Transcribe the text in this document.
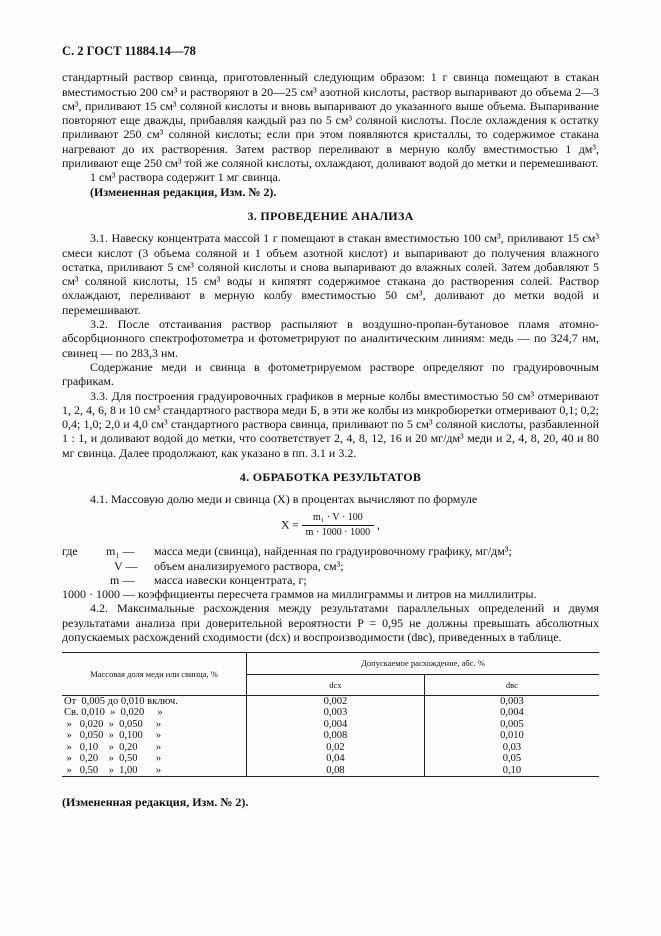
С. 2 ГОСТ 11884.14—78

стандартный раствор свинца, приготовленный следующим образом: 1 г свинца помещают в стакан вместимостью 200 см³ и растворяют в 20—25 см³ азотной кислоты, раствор выпаривают до объема 2—3 см³, приливают 15 см³ соляной кислоты и вновь выпаривают до указанного выше объема. Выпаривание повторяют еще дважды, прибавляя каждый раз по 5 см³ соляной кислоты. После охлаждения к остатку приливают 250 см³ соляной кислоты; если при этом появляются кристаллы, то содержимое стакана нагревают до их растворения. Затем раствор переливают в мерную колбу вместимостью 1 дм³, приливают еще 250 см³ той же соляной кислоты, охлаждают, доливают водой до метки и перемешивают.

1 см³ раствора содержит 1 мг свинца.

(Измененная редакция, Изм. № 2).

3. ПРОВЕДЕНИЕ АНАЛИЗА

3.1. Навеску концентрата массой 1 г помещают в стакан вместимостью 100 см³, приливают 15 см³ смеси кислот (3 объема соляной и 1 объем азотной кислот) и выпаривают до получения влажного остатка, приливают 5 см³ соляной кислоты и снова выпаривают до влажных солей. Затем добавляют 5 см³ соляной кислоты, 15 см³ воды и кипятят содержимое стакана до растворения солей. Раствор охлаждают, переливают в мерную колбу вместимостью 50 см³, доливают до метки водой и перемешивают.

3.2. После отстаивания раствор распыляют в воздушно-пропан-бутановое пламя атомно-абсорбционного спектрофотометра и фотометрируют по аналитическим линиям: медь — по 324,7 нм, свинец — по 283,3 нм.

Содержание меди и свинца в фотометрируемом растворе определяют по градуировочным графикам.

3.3. Для построения градуировочных графиков в мерные колбы вместимостью 50 см³ отмеривают 1, 2, 4, 6, 8 и 10 см³ стандартного раствора меди Б, в эти же колбы из микробюретки отмеривают 0,1; 0,2; 0,4; 1,0; 2,0 и 4,0 см³ стандартного раствора свинца, приливают по 5 см³ соляной кислоты, разбавленной 1 : 1, и доливают водой до метки, что соответствует 2, 4, 8, 12, 16 и 20 мг/дм³ меди и 2, 4, 8, 20, 40 и 80 мг свинца. Далее продолжают, как указано в пп. 3.1 и 3.2.

4. ОБРАБОТКА РЕЗУЛЬТАТОВ

4.1. Массовую долю меди и свинца (X) в процентах вычисляют по формуле

$X = \frac{\text{m₁ · V · 100}}{m \cdot 1000 \cdot 1000}$ ,
где	m₁ —	масса меди (свинца), найденная по градуировочному графику, мг/дм³;
V —	объем анализируемого раствора, см³;
m —	масса навески концентрата, г;
1000 · 1000 — коэффициенты пересчета граммов на миллиграммы и литров на миллилитры.

4.2. Максимальные расхождения между результатами параллельных определений и двумя результатами анализа при доверительной вероятности P = 0,95 не должны превышать абсолютных допускаемых расхождений сходимости (dсх) и воспроизводимости (dвс), приведенных в таблице.

Массовая доля меди или свинца, %	Допускаемое расхождение, абс. %	
	dсх	dвс
От  0,005 до 0,010 включ.	0,002	0,003
Св. 0,010  »  0,020     »	0,003	0,004
»   0,020  »  0,050     »	0,004	0,005
»   0,050  »  0,100     »	0,008	0,010
»   0,10    »  0,20       »	0,02	0,03
»   0,20    »  0,50       »	0,04	0,05
»   0,50    »  1,00       »	0,08	0,10

(Измененная редакция, Изм. № 2).
